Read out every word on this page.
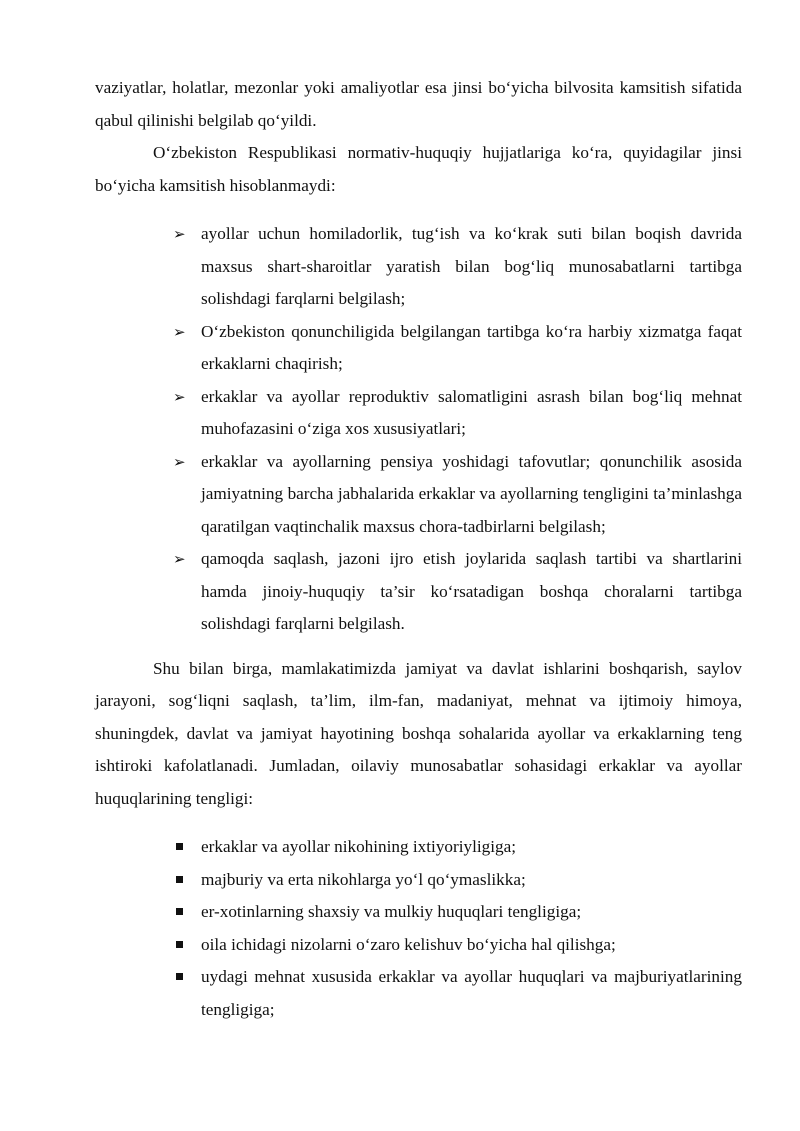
vaziyatlar, holatlar, mezonlar yoki amaliyotlar esa jinsi bo‘yicha bilvosita kamsitish sifatida qabul qilinishi belgilab qo‘yildi.

O‘zbekiston Respublikasi normativ-huquqiy hujjatlariga ko‘ra, quyidagilar jinsi bo‘yicha kamsitish hisoblanmaydi:

➢ ayollar uchun homiladorlik, tug‘ish va ko‘krak suti bilan boqish davrida maxsus shart-sharoitlar yaratish bilan bog‘liq munosabatlarni tartibga solishdagi farqlarni belgilash;
➢ O‘zbekiston qonunchiligida belgilangan tartibga ko‘ra harbiy xizmatga faqat erkaklarni chaqirish;
➢ erkaklar va ayollar reproduktiv salomatligini asrash bilan bog‘liq mehnat muhofazasini o‘ziga xos xususiyatlari;
➢ erkaklar va ayollarning pensiya yoshidagi tafovutlar; qonunchilik asosida jamiyatning barcha jabhalarida erkaklar va ayollarning tengligini ta’minlashga qaratilgan vaqtinchalik maxsus chora-tadbirlarni belgilash;
➢ qamoqda saqlash, jazoni ijro etish joylarida saqlash tartibi va shartlarini hamda jinoiy-huquqiy ta’sir ko‘rsatadigan boshqa choralarni tartibga solishdagi farqlarni belgilash.

Shu bilan birga, mamlakatimizda jamiyat va davlat ishlarini boshqarish, saylov jarayoni, sog‘liqni saqlash, ta’lim, ilm-fan, madaniyat, mehnat va ijtimoiy himoya, shuningdek, davlat va jamiyat hayotining boshqa sohalarida ayollar va erkaklarning teng ishtiroki kafolatlanadi. Jumladan, oilaviy munosabatlar sohasidagi erkaklar va ayollar huquqlarining tengligi:

erkaklar va ayollar nikohining ixtiyoriyligiga;
majburiy va erta nikohlarga yo‘l qo‘ymaslikka;
er-xotinlarning shaxsiy va mulkiy huquqlari tengligiga;
oila ichidagi nizolarni o‘zaro kelishuv bo‘yicha hal qilishga;
uydagi mehnat xususida erkaklar va ayollar huquqlari va majburiyatlarining tengligiga;
